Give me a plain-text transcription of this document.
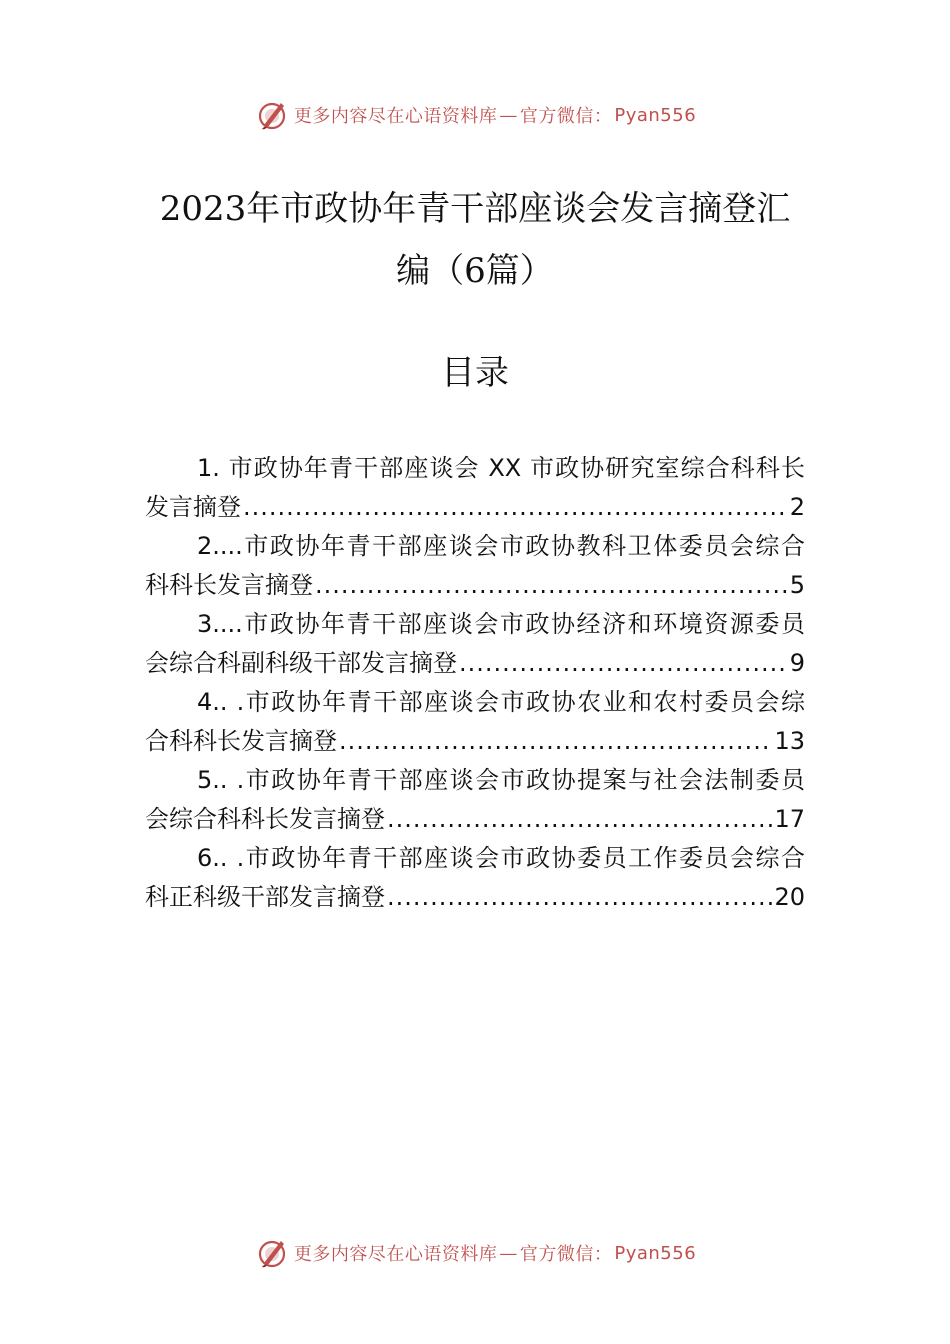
更多内容尽在心语资料库 — 官方微信： Pyan556
2023年市政协年青干部座谈会发言摘登汇
编（6篇）
目录
1. 市政协年青干部座谈会 XX 市政协研究室综合科科长
发言摘登 .....	2
2....市政协年青干部座谈会市政协教科卫体委员会综合
科科长发言摘登 .....	5
3....市政协年青干部座谈会市政协经济和环境资源委员
会综合科副科级干部发言摘登 .....	9
4.. .市政协年青干部座谈会市政协农业和农村委员会综
合科科长发言摘登 .....	13
5.. .市政协年青干部座谈会市政协提案与社会法制委员
会综合科科长发言摘登 .....	17
6.. .市政协年青干部座谈会市政协委员工作委员会综合
科正科级干部发言摘登 .....	20
更多内容尽在心语资料库 — 官方微信： Pyan556
